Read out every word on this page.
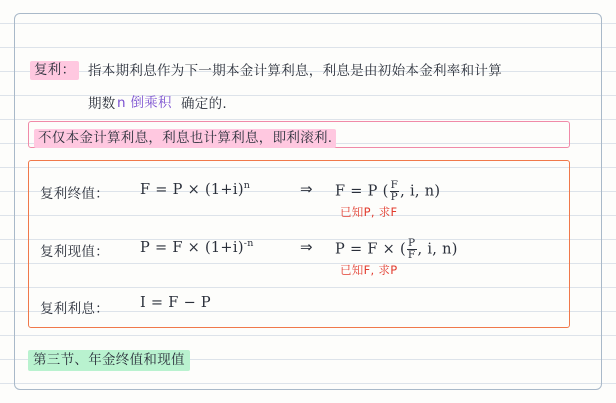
复利： 指本期利息作为下一期本金计算利息，利息是由初始本金利率和计算
期数 n 倒乘积 确定的.
不仅本金计算利息，利息也计算利息，即利滚利.
复利终值： $F = P \times (1+i)^n$	⇒ F = P ( $\frac{F}{P}$ , i, n)
已知P, 求F
复利现值： $P = F \times (1+i)^{-n}$	⇒ P = F × ( $\frac{P}{F}$ , i, n)
已知F, 求P
复利利息： I = F − P
第三节、年金终值和现值
